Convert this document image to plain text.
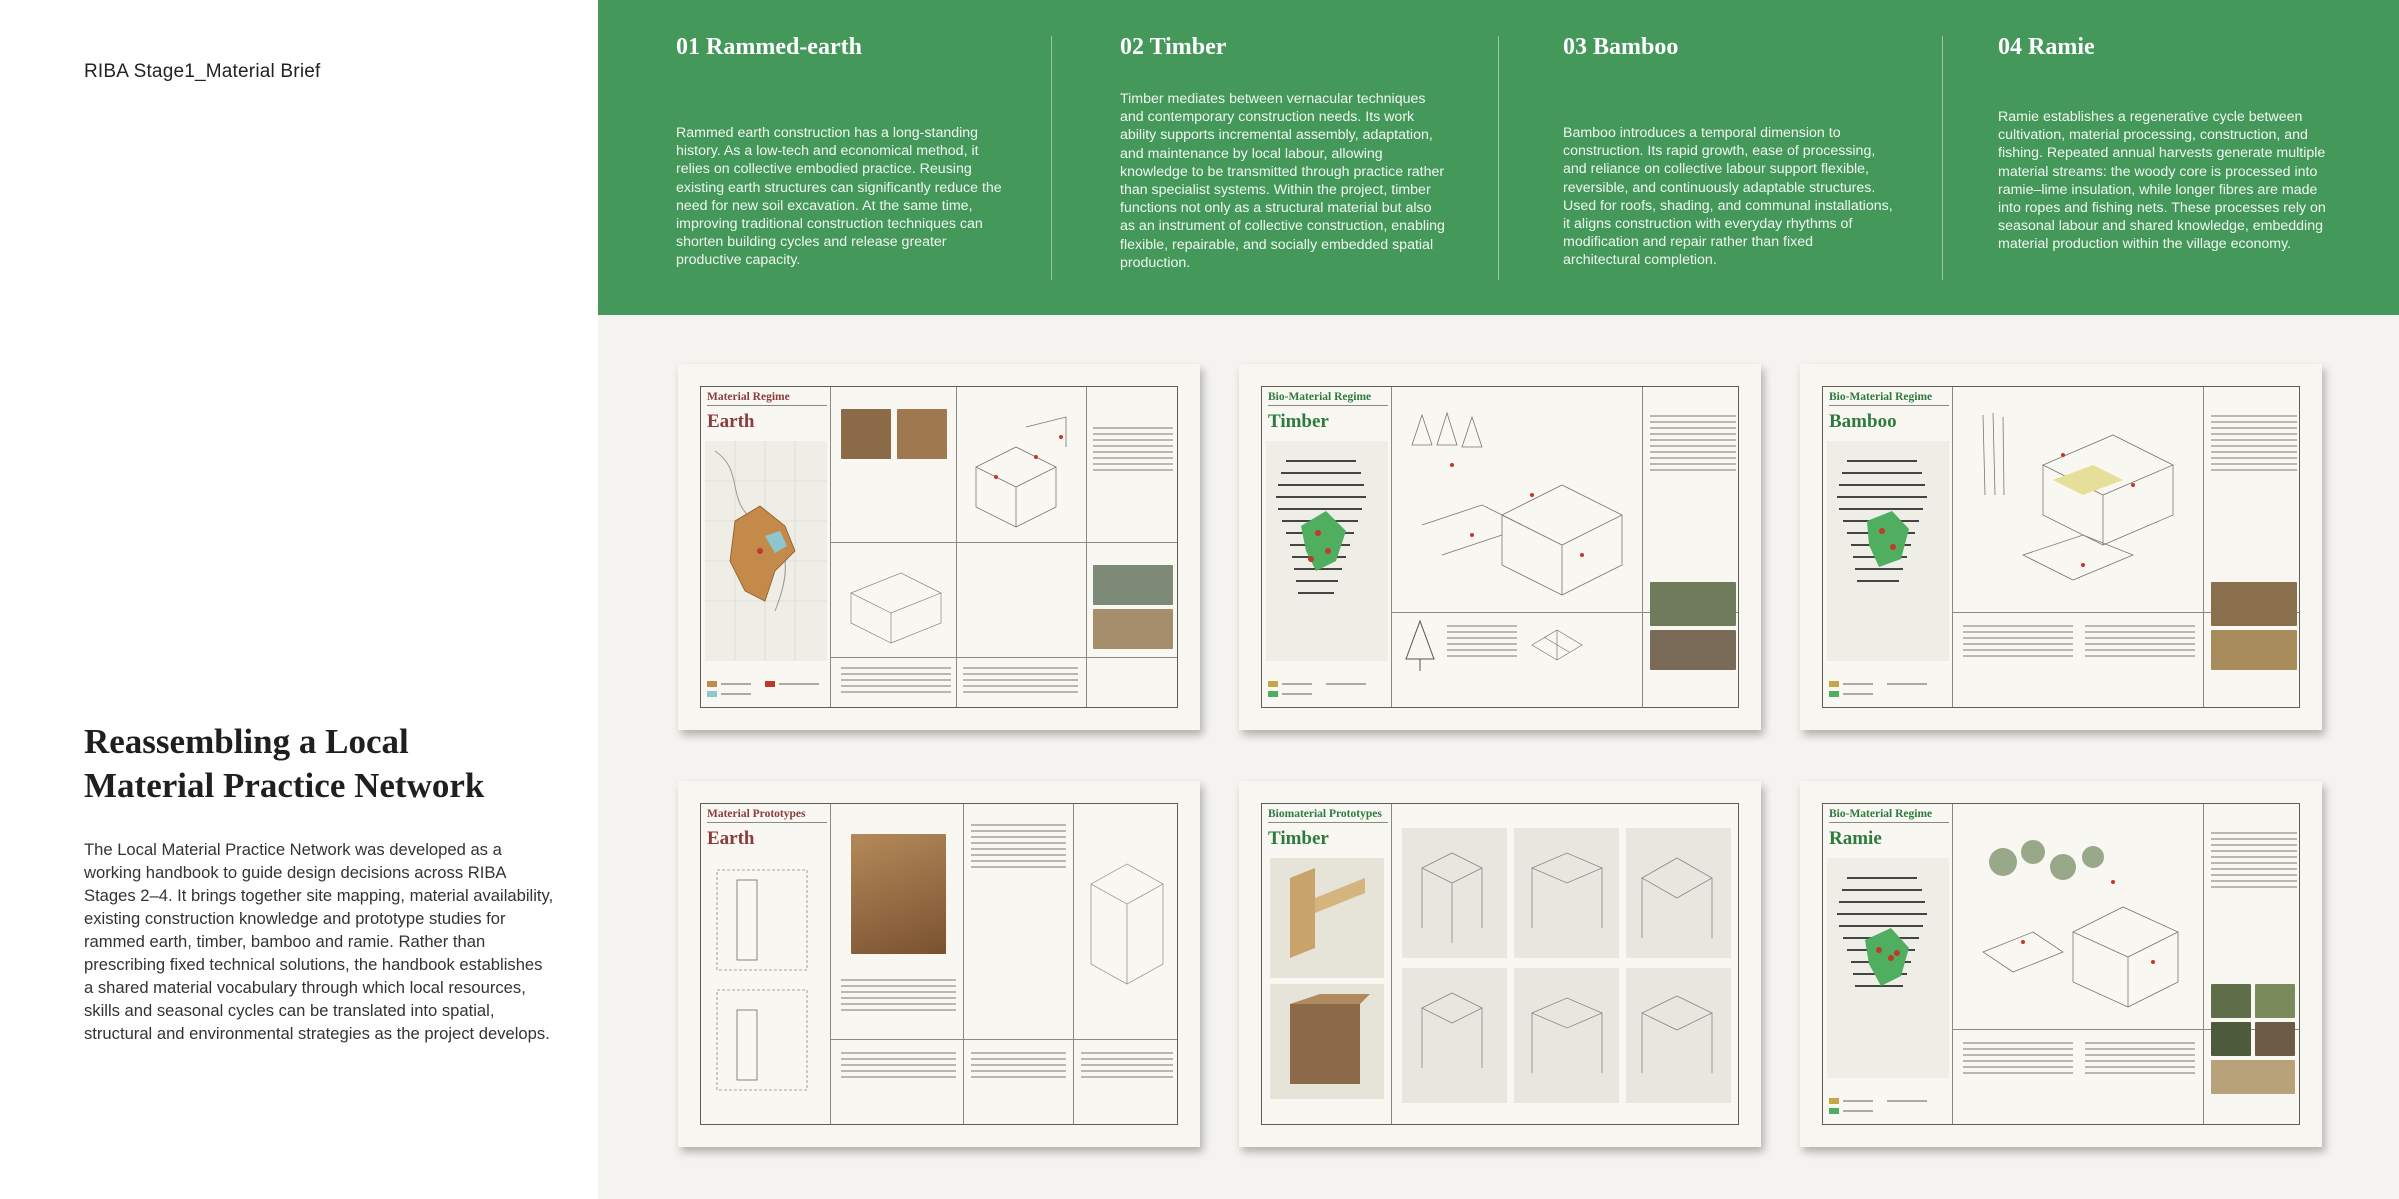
RIBA Stage1_Material Brief
Reassembling a Local
Material Practice Network

The Local Material Practice Network was developed as a working handbook to guide design decisions across RIBA Stages 2–4. It brings together site mapping, material availability, existing construction knowledge and prototype studies for rammed earth, timber, bamboo and ramie. Rather than prescribing fixed technical solutions, the handbook establishes a shared material vocabulary through which local resources, skills and seasonal cycles can be translated into spatial, structural and environmental strategies as the project develops.

01 Rammed-earth

Rammed earth construction has a long-standing history. As a low-tech and economical method, it relies on collective embodied practice. Reusing existing earth structures can significantly reduce the need for new soil excavation. At the same time, improving traditional construction techniques can shorten building cycles and release greater productive capacity.

02 Timber

Timber mediates between vernacular techniques and contemporary construction needs. Its work ability supports incremental assembly, adaptation, and maintenance by local labour, allowing knowledge to be transmitted through practice rather than specialist systems. Within the project, timber functions not only as a structural material but also as an instrument of collective construction, enabling flexible, repairable, and socially embedded spatial production.

03 Bamboo

Bamboo introduces a temporal dimension to construction. Its rapid growth, ease of processing, and reliance on collective labour support flexible, reversible, and continuously adaptable structures. Used for roofs, shading, and communal installations, it aligns construction with everyday rhythms of modification and repair rather than fixed architectural completion.

04 Ramie

Ramie establishes a regenerative cycle between cultivation, material processing, construction, and fishing. Repeated annual harvests generate multiple material streams: the woody core is processed into ramie–lime insulation, while longer fibres are made into ropes and fishing nets. These processes rely on seasonal labour and shared knowledge, embedding material production within the village economy.

Material Regime
Earth
Bio-Material Regime
Timber
Bio-Material Regime
Bamboo
Material Prototypes
Earth
Biomaterial Prototypes
Timber
Bio-Material Regime
Ramie
